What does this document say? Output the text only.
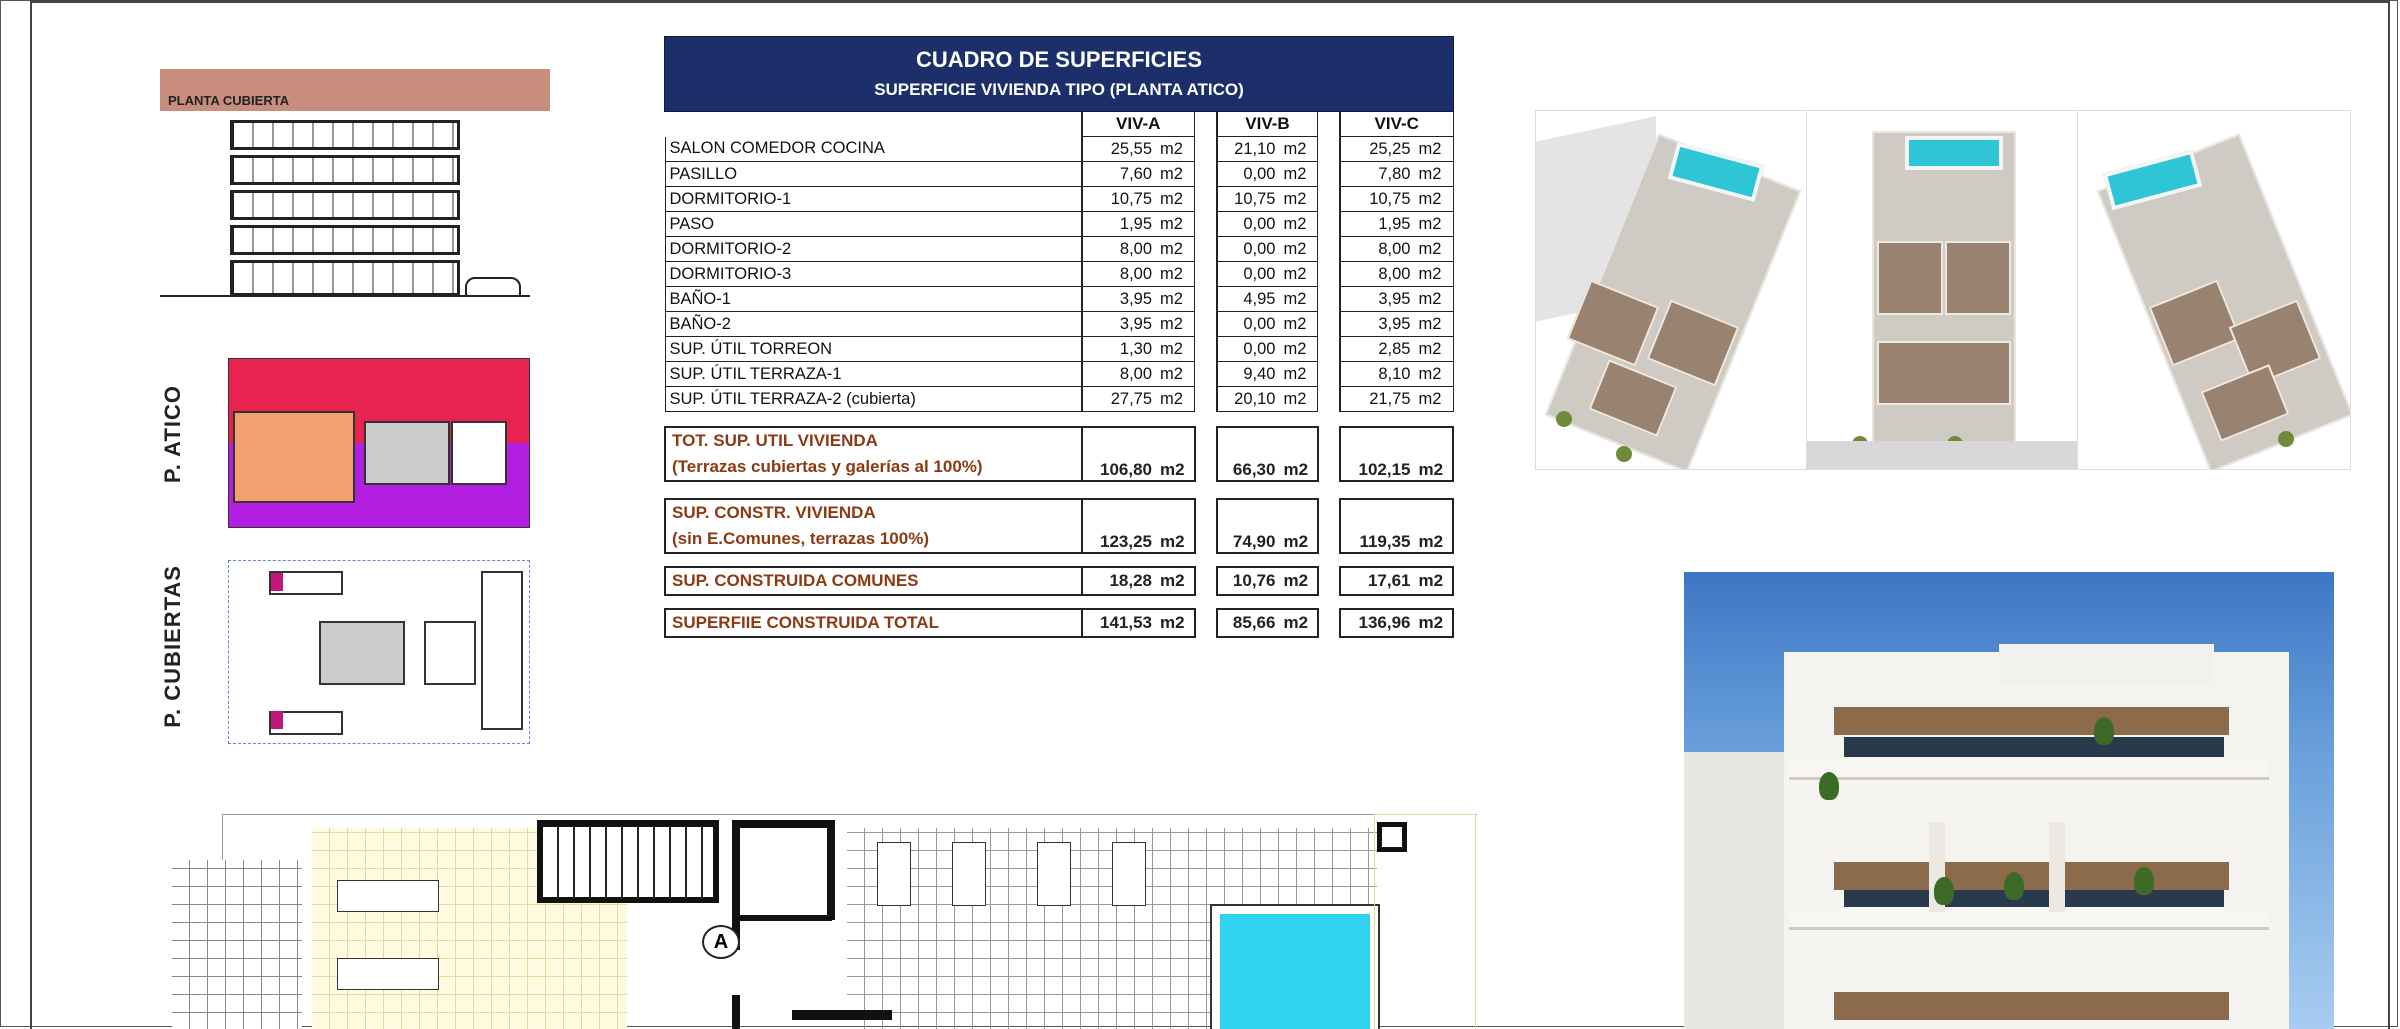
PLANTA CUBIERTA
P. ATICO
P. CUBIERTAS
CUADRO DE SUPERFICIES
SUPERFICIE VIVIENDA TIPO (PLANTA ATICO)
	VIV-A			VIV-B			VIV-C	
SALON COMEDOR COCINA	25,55	m2		21,10	m2		25,25	m2
PASILLO	7,60	m2		0,00	m2		7,80	m2
DORMITORIO-1	10,75	m2		10,75	m2		10,75	m2
PASO	1,95	m2		0,00	m2		1,95	m2
DORMITORIO-2	8,00	m2		0,00	m2		8,00	m2
DORMITORIO-3	8,00	m2		0,00	m2		8,00	m2
BAÑO-1	3,95	m2		4,95	m2		3,95	m2
BAÑO-2	3,95	m2		0,00	m2		3,95	m2
SUP. ÚTIL TORREON	1,30	m2		0,00	m2		2,85	m2
SUP. ÚTIL TERRAZA-1	8,00	m2		9,40	m2		8,10	m2
SUP. ÚTIL TERRAZA-2 (cubierta)	27,75	m2		20,10	m2		21,75	m2

TOT. SUP. UTIL VIVIENDA
(Terrazas cubiertas y galerías al 100%)	106,80	m2		66,30	m2		102,15	m2

SUP. CONSTR. VIVIENDA
(sin E.Comunes, terrazas 100%)	123,25	m2		74,90	m2		119,35	m2

SUP. CONSTRUIDA COMUNES	18,28	m2		10,76	m2		17,61	m2

SUPERFIIE CONSTRUIDA TOTAL	141,53	m2		85,66	m2		136,96	m2
A
